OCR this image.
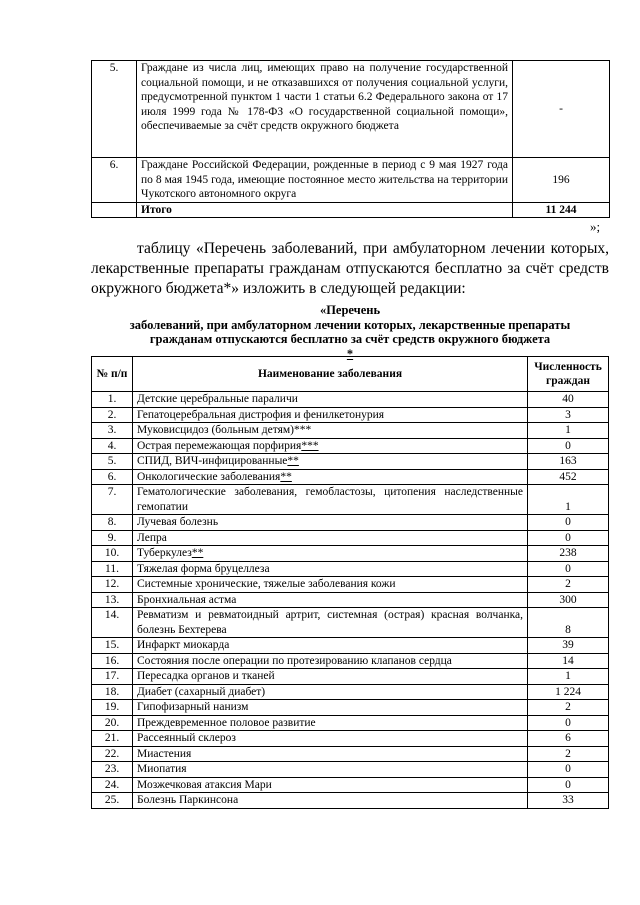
5.	Граждане из числа лиц, имеющих право на получение государственной социальной помощи, и не отказавшихся от получения социальной услуги, предусмотренной пунктом 1 части 1 статьи 6.2 Федерального закона от 17 июля 1999 года № 178-ФЗ «О государственной социальной помощи», обеспечиваемые за счёт средств окружного бюджета	-
6.	Граждане Российской Федерации, рожденные в период с 9 мая 1927 года по 8 мая 1945 года, имеющие постоянное место жительства на территории Чукотского автономного округа	196
	Итого	11 244
»;

таблицу «Перечень заболеваний, при амбулаторном лечении которых, лекарственные препараты гражданам отпускаются бесплатно за счёт средств окружного бюджета*» изложить в следующей редакции:

«Перечень
заболеваний, при амбулаторном лечении которых, лекарственные препараты
гражданам отпускаются бесплатно за счёт средств окружного бюджета
*
№ п/п	Наименование заболевания	Численность граждан
1.	Детские церебральные параличи	40
2.	Гепатоцеребральная дистрофия и фенилкетонурия	3
3.	Муковисцидоз (больным детям)***	1
4.	Острая перемежающая порфирия***	0
5.	СПИД, ВИЧ-инфицированные**	163
6.	Онкологические заболевания**	452
7.	Гематологические заболевания, гемобластозы, цитопения наследственные гемопатии	1
8.	Лучевая болезнь	0
9.	Лепра	0
10.	Туберкулез**	238
11.	Тяжелая форма бруцеллеза	0
12.	Системные хронические, тяжелые заболевания кожи	2
13.	Бронхиальная астма	300
14.	Ревматизм и ревматоидный артрит, системная (острая) красная волчанка, болезнь Бехтерева	8
15.	Инфаркт миокарда	39
16.	Состояния после операции по протезированию клапанов сердца	14
17.	Пересадка органов и тканей	1
18.	Диабет (сахарный диабет)	1 224
19.	Гипофизарный нанизм	2
20.	Преждевременное половое развитие	0
21.	Рассеянный склероз	6
22.	Миастения	2
23.	Миопатия	0
24.	Мозжечковая атаксия Мари	0
25.	Болезнь Паркинсона	33
